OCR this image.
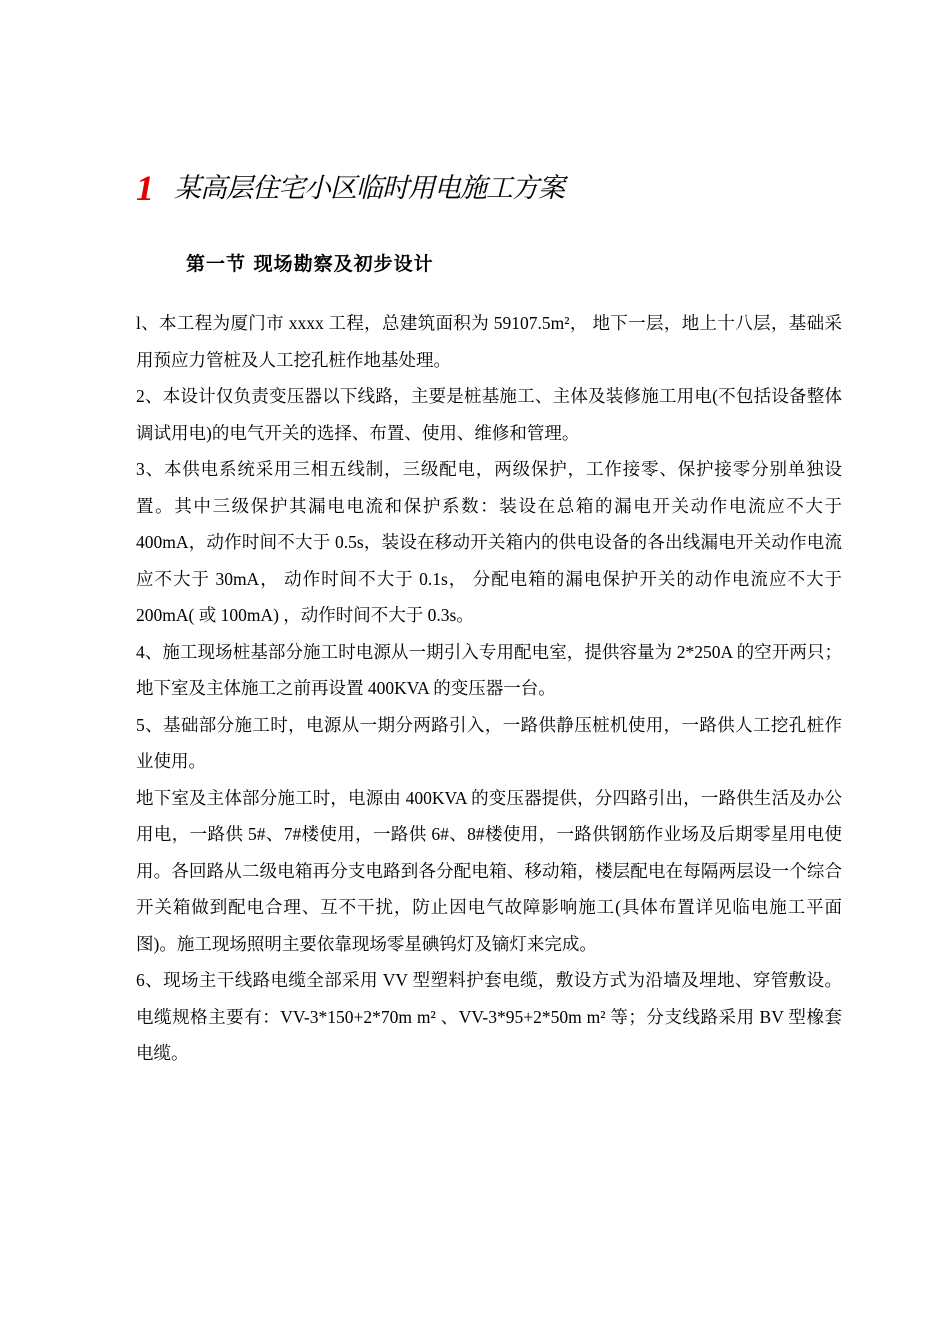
1 某高层住宅小区临时用电施工方案
第一节 现场勘察及初步设计

l、本工程为厦门市 xxxx 工程，总建筑面积为 59107.5m²， 地下一层，地上十八层，基础采用预应力管桩及人工挖孔桩作地基处理。

2、本设计仅负责变压器以下线路，主要是桩基施工、主体及装修施工用电(不包括设备整体调试用电)的电气开关的选择、布置、使用、维修和管理。

3、本供电系统采用三相五线制，三级配电，两级保护，工作接零、保护接零分别单独设置。其中三级保护其漏电电流和保护系数：装设在总箱的漏电开关动作电流应不大于 400mA，动作时间不大于 0.5s，装设在移动开关箱内的供电设备的各出线漏电开关动作电流应不大于 30mA， 动作时间不大于 0.1s， 分配电箱的漏电保护开关的动作电流应不大于 200mA( 或 100mA) ，动作时间不大于 0.3s。

4、施工现场桩基部分施工时电源从一期引入专用配电室，提供容量为 2*250A 的空开两只；地下室及主体施工之前再设置 400KVA 的变压器一台。

5、基础部分施工时，电源从一期分两路引入，一路供静压桩机使用，一路供人工挖孔桩作业使用。

地下室及主体部分施工时，电源由 400KVA 的变压器提供，分四路引出，一路供生活及办公用电，一路供 5#、7#楼使用，一路供 6#、8#楼使用，一路供钢筋作业场及后期零星用电使用。各回路从二级电箱再分支电路到各分配电箱、移动箱，楼层配电在每隔两层设一个综合开关箱做到配电合理、互不干扰，防止因电气故障影响施工(具体布置详见临电施工平面图)。施工现场照明主要依靠现场零星碘钨灯及镝灯来完成。

6、现场主干线路电缆全部采用 VV 型塑料护套电缆，敷设方式为沿墙及埋地、穿管敷设。电缆规格主要有：VV-3*150+2*70m m² 、VV-3*95+2*50m m² 等；分支线路采用 BV 型橡套电缆。
